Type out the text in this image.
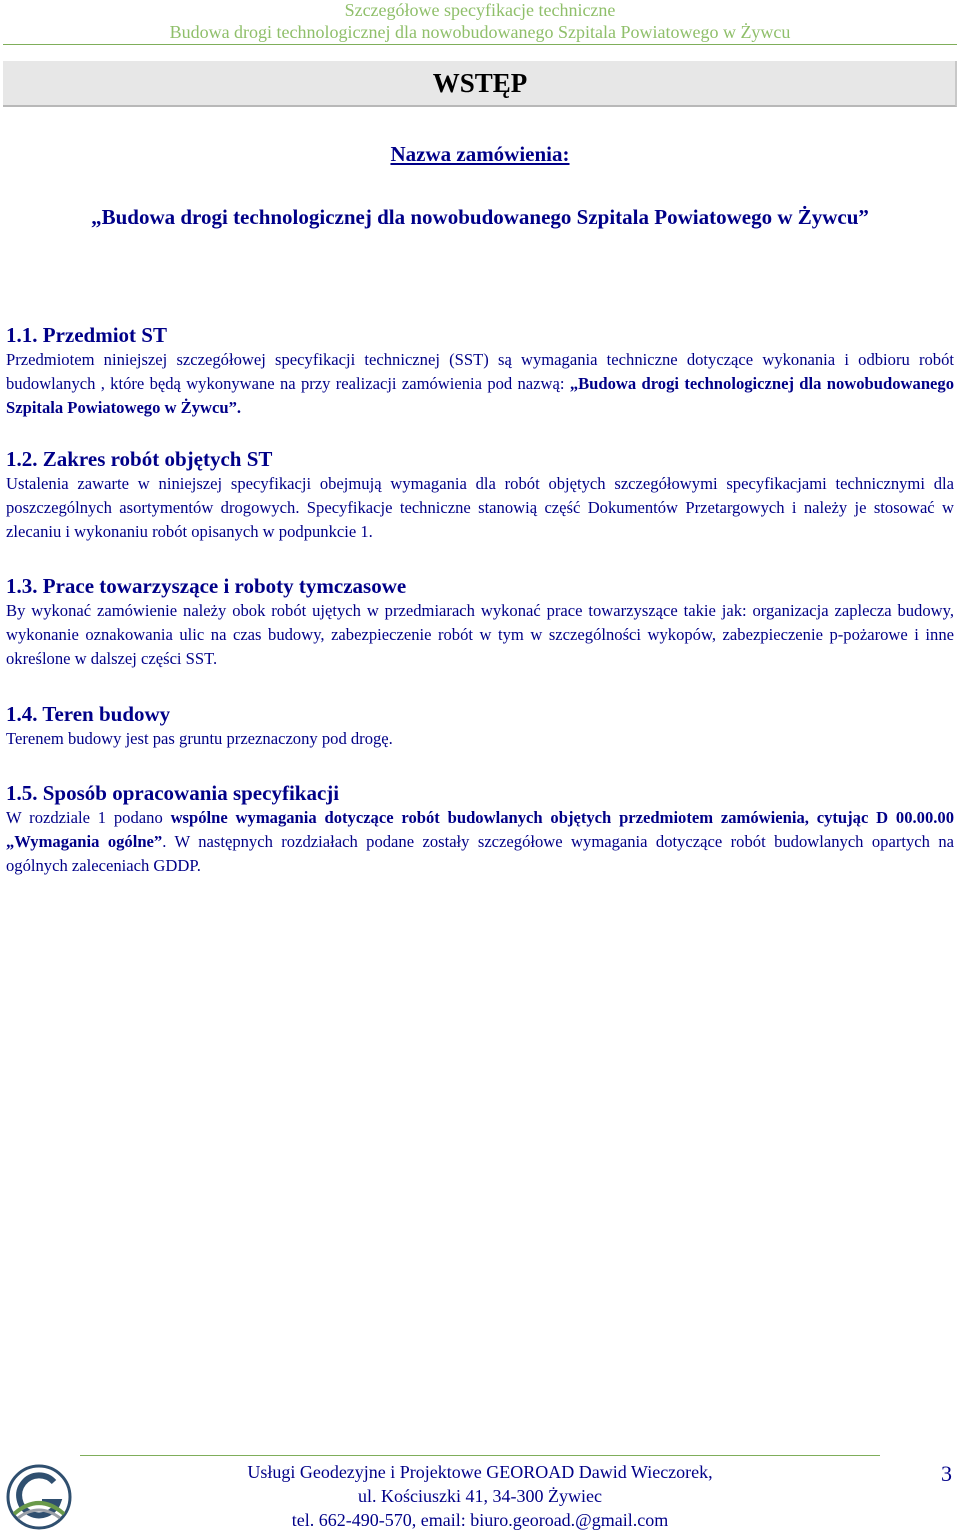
Szczegółowe specyfikacje techniczne
Budowa drogi technologicznej dla nowobudowanego Szpitala Powiatowego w Żywcu
WSTĘP
Nazwa zamówienia:
„Budowa drogi technologicznej dla nowobudowanego Szpitala Powiatowego w Żywcu”
1.1. Przedmiot ST

Przedmiotem niniejszej szczegółowej specyfikacji technicznej (SST) są wymagania techniczne dotyczące wykonania i odbioru robót budowlanych , które będą wykonywane na przy realizacji zamówienia pod nazwą: „Budowa drogi technologicznej dla nowobudowanego Szpitala Powiatowego w Żywcu”.

1.2. Zakres robót objętych ST

Ustalenia zawarte w niniejszej specyfikacji obejmują wymagania dla robót objętych szczegółowymi specyfikacjami technicznymi dla poszczególnych asortymentów drogowych. Specyfikacje techniczne stanowią część Dokumentów Przetargowych i należy je stosować w zlecaniu i wykonaniu robót opisanych w podpunkcie 1.

1.3. Prace towarzyszące i roboty tymczasowe

By wykonać zamówienie należy obok robót ujętych w przedmiarach wykonać prace towarzyszące takie jak: organizacja zaplecza budowy, wykonanie oznakowania ulic na czas budowy, zabezpieczenie robót w tym w szczególności wykopów, zabezpieczenie p-pożarowe i inne określone w dalszej części SST.

1.4. Teren budowy

Terenem budowy jest pas gruntu przeznaczony pod drogę.

1.5. Sposób opracowania specyfikacji

W rozdziale 1 podano wspólne wymagania dotyczące robót budowlanych objętych przedmiotem zamówienia, cytując D 00.00.00 „Wymagania ogólne”. W następnych rozdziałach podane zostały szczegółowe wymagania dotyczące robót budowlanych opartych na ogólnych zaleceniach GDDP.

Usługi Geodezyjne i Projektowe GEOROAD Dawid Wieczorek,
ul. Kościuszki 41, 34-300 Żywiec
tel. 662-490-570, email: biuro.georoad.@gmail.com
3
